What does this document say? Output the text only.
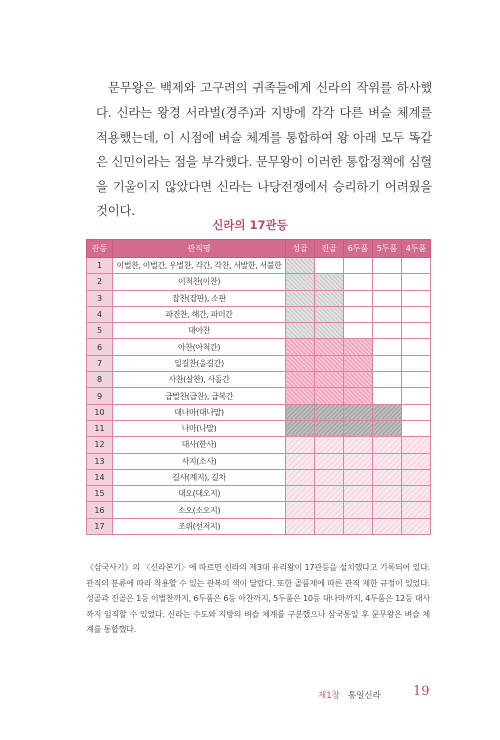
문무왕은 백제와 고구려의 귀족들에게 신라의 작위를 하사했다. 신라는 왕경 서라벌(경주)과 지방에 각각 다른 벼슬 체계를 적용했는데, 이 시점에 벼슬 체계를 통합하여 왕 아래 모두 똑같은 신민이라는 점을 부각했다. 문무왕이 이러한 통합정책에 심혈을 기울이지 않았다면 신라는 나당전쟁에서 승리하기 어려웠을 것이다.

신라의 17관등
관등	관직명	성골	진골	6두품	5두품	4두품
1	이벌찬, 이벌간, 우벌찬, 각간, 각찬, 서발한, 서불한					
2	이척찬(이찬)					
3	잡찬(잡판), 소판					
4	파진찬, 해간, 파미간					
5	대아찬					
6	아찬(아척간)					
7	일길찬(을길간)					
8	사찬(살찬), 사돌간					
9	급벌찬(급찬), 급복간					
10	대나마(대나말)					
11	나마(나말)					
12	대사(한사)					
13	사지(소사)					
14	길사(계지), 길차					
15	대오(대오지)					
16	소오(소오지)					
17	조위(선저지)					

《삼국사기》의 〈신라본기〉에 따르면 신라의 제3대 유리왕이 17관등을 설치했다고 기록되어 있다. 관직의 분류에 따라 착용할 수 있는 관복의 색이 달랐다. 또한 골품제에 따른 관직 제한 규정이 있었다. 성골과 진골은 1등 이벌찬까지, 6두품은 6등 아찬까지, 5두품은 10등 대나마까지, 4두품은 12등 대사까지 임직할 수 있었다. 신라는 수도와 지방의 벼슬 체계를 구분했으나 삼국통일 후 문무왕은 벼슬 체계를 통합했다.

제1장 통일신라 19
